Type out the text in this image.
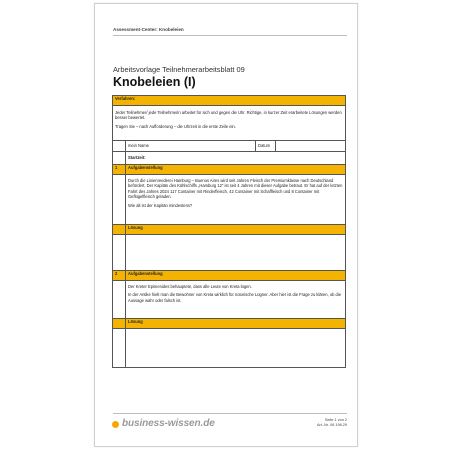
Assessment-Center: Knobeleien
Arbeitsvorlage Teilnehmerarbeitsblatt 09
Knobeleien (I)
Verfahren:			

Jeder Teilnehmer/ jede Teilnehmerin arbeitet für sich und gegen die Uhr. Richtige, in kurzer Zeit erarbeitete Lösungen werden besser bewertet.
Tragen Sie – nach Aufforderung – die Uhrzeit in die erste Zeile ein.			

	mein Name	Datum	
	Startzeit:		
1	Aufgabenstellung		

	Durch die Linienreederei Hamburg – Buenos Aires wird seit Jahren Fleisch der Premiumklasse nach Deutschland befördert. Der Kapitän des Kühlschiffs „Hamburg 12" ist seit 4 Jahren mit dieser Aufgabe betraut. Er hat auf der letzten Fahrt des Jahres 2024 117 Container mit Rinderfleisch, 42 Container mit Schaffleisch und 8 Container mit Geflügelfleisch geladen.
Wie alt ist der Kapitän mindestens?		

	Lösung		

2	Aufgabenstellung		

	Der Kreter Epimenides behauptete, dass alle Leute von Kreta lügen.
In der Antike hielt man die Bewohner von Kreta wirklich für notorische Lügner. Aber hier ist die Frage zu klären, ob die Aussage wahr oder falsch ist.		

	Lösung		

business-wissen.de	Seite 1 von 2
Art.-Nr. 06 198.29
